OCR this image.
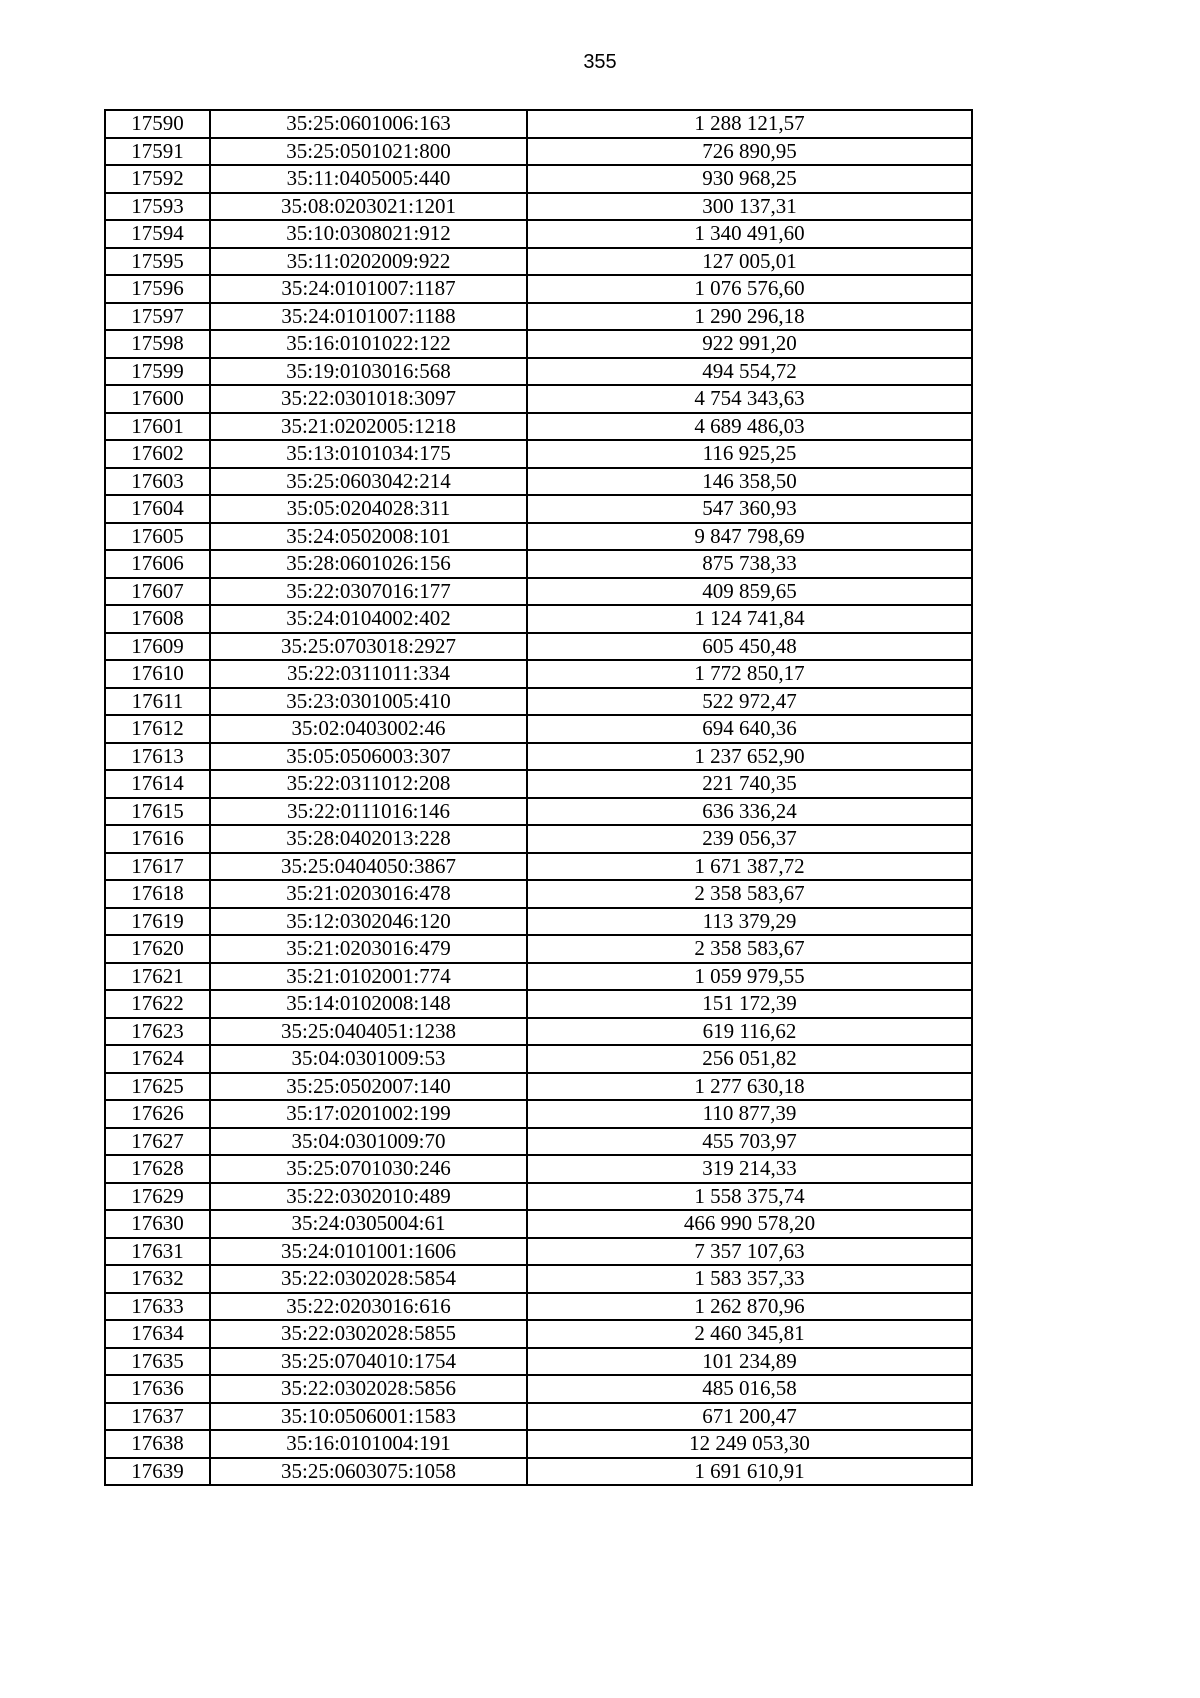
355
17590	35:25:0601006:163	1 288 121,57
17591	35:25:0501021:800	726 890,95
17592	35:11:0405005:440	930 968,25
17593	35:08:0203021:1201	300 137,31
17594	35:10:0308021:912	1 340 491,60
17595	35:11:0202009:922	127 005,01
17596	35:24:0101007:1187	1 076 576,60
17597	35:24:0101007:1188	1 290 296,18
17598	35:16:0101022:122	922 991,20
17599	35:19:0103016:568	494 554,72
17600	35:22:0301018:3097	4 754 343,63
17601	35:21:0202005:1218	4 689 486,03
17602	35:13:0101034:175	116 925,25
17603	35:25:0603042:214	146 358,50
17604	35:05:0204028:311	547 360,93
17605	35:24:0502008:101	9 847 798,69
17606	35:28:0601026:156	875 738,33
17607	35:22:0307016:177	409 859,65
17608	35:24:0104002:402	1 124 741,84
17609	35:25:0703018:2927	605 450,48
17610	35:22:0311011:334	1 772 850,17
17611	35:23:0301005:410	522 972,47
17612	35:02:0403002:46	694 640,36
17613	35:05:0506003:307	1 237 652,90
17614	35:22:0311012:208	221 740,35
17615	35:22:0111016:146	636 336,24
17616	35:28:0402013:228	239 056,37
17617	35:25:0404050:3867	1 671 387,72
17618	35:21:0203016:478	2 358 583,67
17619	35:12:0302046:120	113 379,29
17620	35:21:0203016:479	2 358 583,67
17621	35:21:0102001:774	1 059 979,55
17622	35:14:0102008:148	151 172,39
17623	35:25:0404051:1238	619 116,62
17624	35:04:0301009:53	256 051,82
17625	35:25:0502007:140	1 277 630,18
17626	35:17:0201002:199	110 877,39
17627	35:04:0301009:70	455 703,97
17628	35:25:0701030:246	319 214,33
17629	35:22:0302010:489	1 558 375,74
17630	35:24:0305004:61	466 990 578,20
17631	35:24:0101001:1606	7 357 107,63
17632	35:22:0302028:5854	1 583 357,33
17633	35:22:0203016:616	1 262 870,96
17634	35:22:0302028:5855	2 460 345,81
17635	35:25:0704010:1754	101 234,89
17636	35:22:0302028:5856	485 016,58
17637	35:10:0506001:1583	671 200,47
17638	35:16:0101004:191	12 249 053,30
17639	35:25:0603075:1058	1 691 610,91
